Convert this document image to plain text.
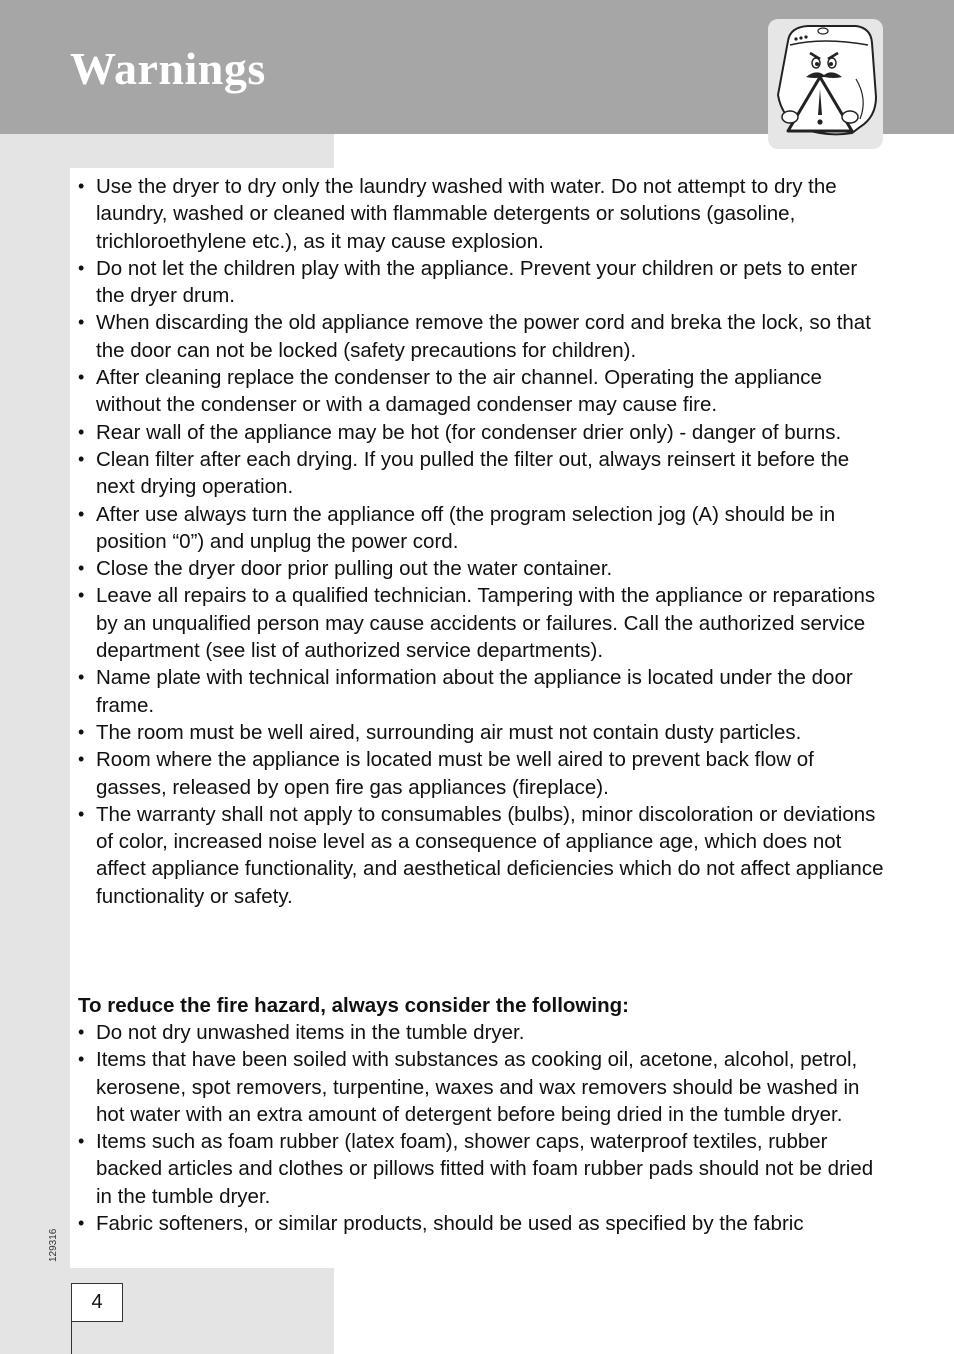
Warnings
• Use the dryer to dry only the laundry washed with water. Do not attempt to dry the laundry, washed or cleaned with flammable detergents or solutions (gasoline, trichloroethylene etc.), as it may cause explosion.
• Do not let the children play with the appliance. Prevent your children or pets to enter the dryer drum.
• When discarding the old appliance remove the power cord and breka the lock, so that the door can not be locked (safety precautions for children).
• After cleaning replace the condenser to the air channel. Operating the appliance without the condenser or with a damaged condenser may cause fire.
• Rear wall of the appliance may be hot (for condenser drier only) - danger of burns.
• Clean filter after each drying. If you pulled the filter out, always reinsert it before the next drying operation.
• After use always turn the appliance off (the program selection jog (A) should be in position “0”) and unplug the power cord.
• Close the dryer door prior pulling out the water container.
• Leave all repairs to a qualified technician. Tampering with the appliance or reparations by an unqualified person may cause accidents or failures. Call the authorized service department (see list of authorized service departments).
• Name plate with technical information about the appliance is located under the door frame.
• The room must be well aired, surrounding air must not contain dusty particles.
• Room where the appliance is located must be well aired to prevent back flow of gasses, released by open fire gas appliances (fireplace).
• The warranty shall not apply to consumables (bulbs), minor discoloration or deviations of color, increased noise level as a consequence of appliance age, which does not affect appliance functionality, and aesthetical deficiencies which do not affect appliance functionality or safety.
To reduce the fire hazard, always consider the following:
• Do not dry unwashed items in the tumble dryer.
• Items that have been soiled with substances as cooking oil, acetone, alcohol, petrol, kerosene, spot removers, turpentine, waxes and wax removers should be washed in hot water with an extra amount of detergent before being dried in the tumble dryer.
• Items such as foam rubber (latex foam), shower caps, waterproof textiles, rubber backed articles and clothes or pillows fitted with foam rubber pads should not be dried in the tumble dryer.
• Fabric softeners, or similar products, should be used as specified by the fabric
129316
4
